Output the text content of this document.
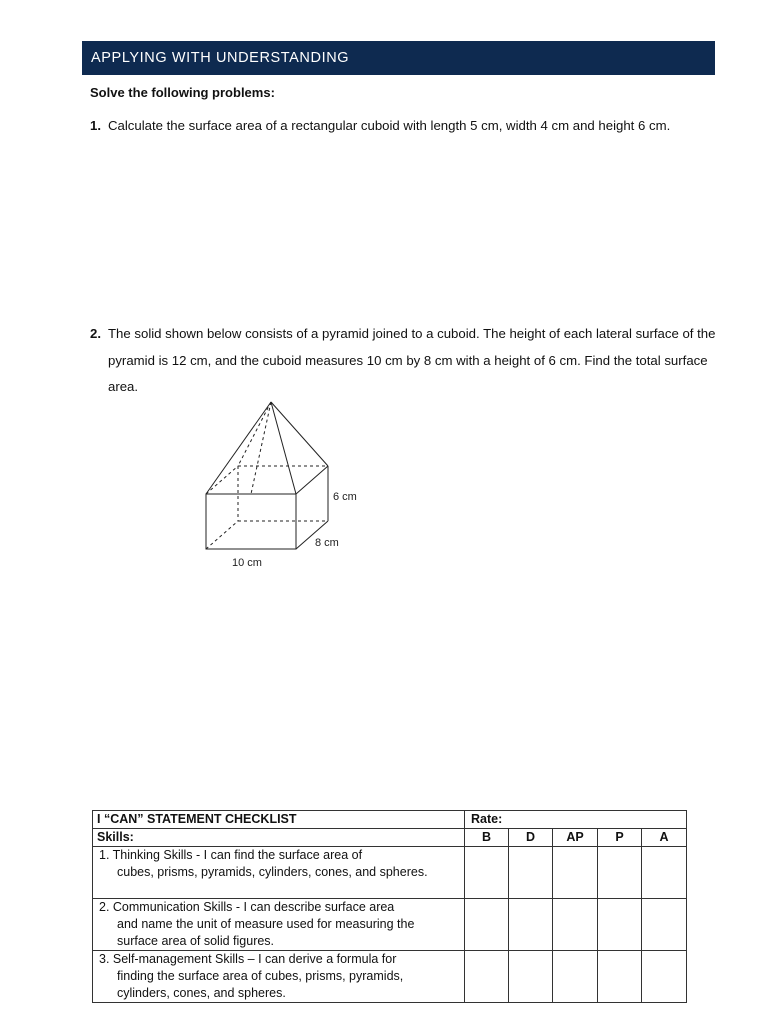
APPLYING WITH UNDERSTANDING
Solve the following problems:
1. Calculate the surface area of a rectangular cuboid with length 5 cm, width 4 cm and height 6 cm.
2. The solid shown below consists of a pyramid joined to a cuboid. The height of each lateral surface of the pyramid is 12 cm, and the cuboid measures 10 cm by 8 cm with a height of 6 cm. Find the total surface area.
6 cm
8 cm
10 cm
I “CAN” STATEMENT CHECKLIST	Rate:				
Skills:	B	D	AP	P	A

1. Thinking Skills - I can find the surface area of
cubes, prisms, pyramids, cylinders, cones, and spheres.					

2. Communication Skills - I can describe surface area
and name the unit of measure used for measuring the surface area of solid figures.					

3. Self-management Skills – I can derive a formula for
finding the surface area of cubes, prisms, pyramids, cylinders, cones, and spheres.					
